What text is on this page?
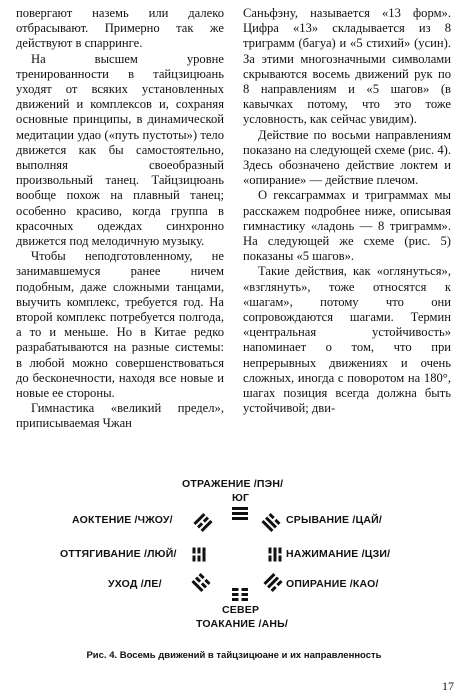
повергают наземь или далеко отбрасывают. Примерно так же действуют в спарринге.

На высшем уровне тренированности в тайцзицюань уходят от всяких установленных движений и комплексов и, сохраняя основные принципы, в динамической медитации удао («путь пустоты») тело движется как бы самостоятельно, выполняя своеобразный произвольный танец. Тайцзицюань вообще похож на плавный танец; особенно красиво, когда группа в красочных одеждах синхронно движется под мелодичную музыку.

Чтобы неподготовленному, не занимавшемуся ранее ничем подобным, даже сложными танцами, выучить комплекс, требуется год. На второй комплекс потребуется полгода, а то и меньше. Но в Китае редко разрабатываются на разные системы: в любой можно совершенствоваться до бесконечности, находя все новые и новые ее стороны.

Гимнастика «великий предел», приписываемая Чжан

Саньфэну, называется «13 форм». Цифра «13» складывается из 8 триграмм (багуа) и «5 стихий» (усин). За этими многозначными символами скрываются восемь движений рук по 8 направлениям и «5 шагов» (в кавычках потому, что это тоже условность, как сейчас увидим).

Действие по восьми направлениям показано на следующей схеме (рис. 4). Здесь обозначено действие локтем и «опирание» — действие плечом.

О гексаграммах и триграммах мы расскажем подробнее ниже, описывая гимнастику «ладонь — 8 триграмм». На следующей же схеме (рис. 5) показаны «5 шагов».

Такие действия, как «оглянуться», «взглянуть», тоже относятся к «шагам», потому что они сопровождаются шагами. Термин «центральная устойчивость» напоминает о том, что при непрерывных движениях и очень сложных, иногда с поворотом на 180°, шагах позиция всегда должна быть устойчивой; дви-

ОТРАЖЕНИЕ /ПЭН/
ЮГ
АОКТЕНИЕ /ЧЖОУ/	СРЫВАНИЕ /ЦАЙ/
ОТТЯГИВАНИЕ /ЛЮЙ/	НАЖИМАНИЕ /ЦЗИ/
УХОД /ЛЕ/	ОПИРАНИЕ /КАО/
СЕВЕР
ТОАКАНИЕ /АНЬ/
Рис. 4. Восемь движений в тайцзицюане и их направленность
17
